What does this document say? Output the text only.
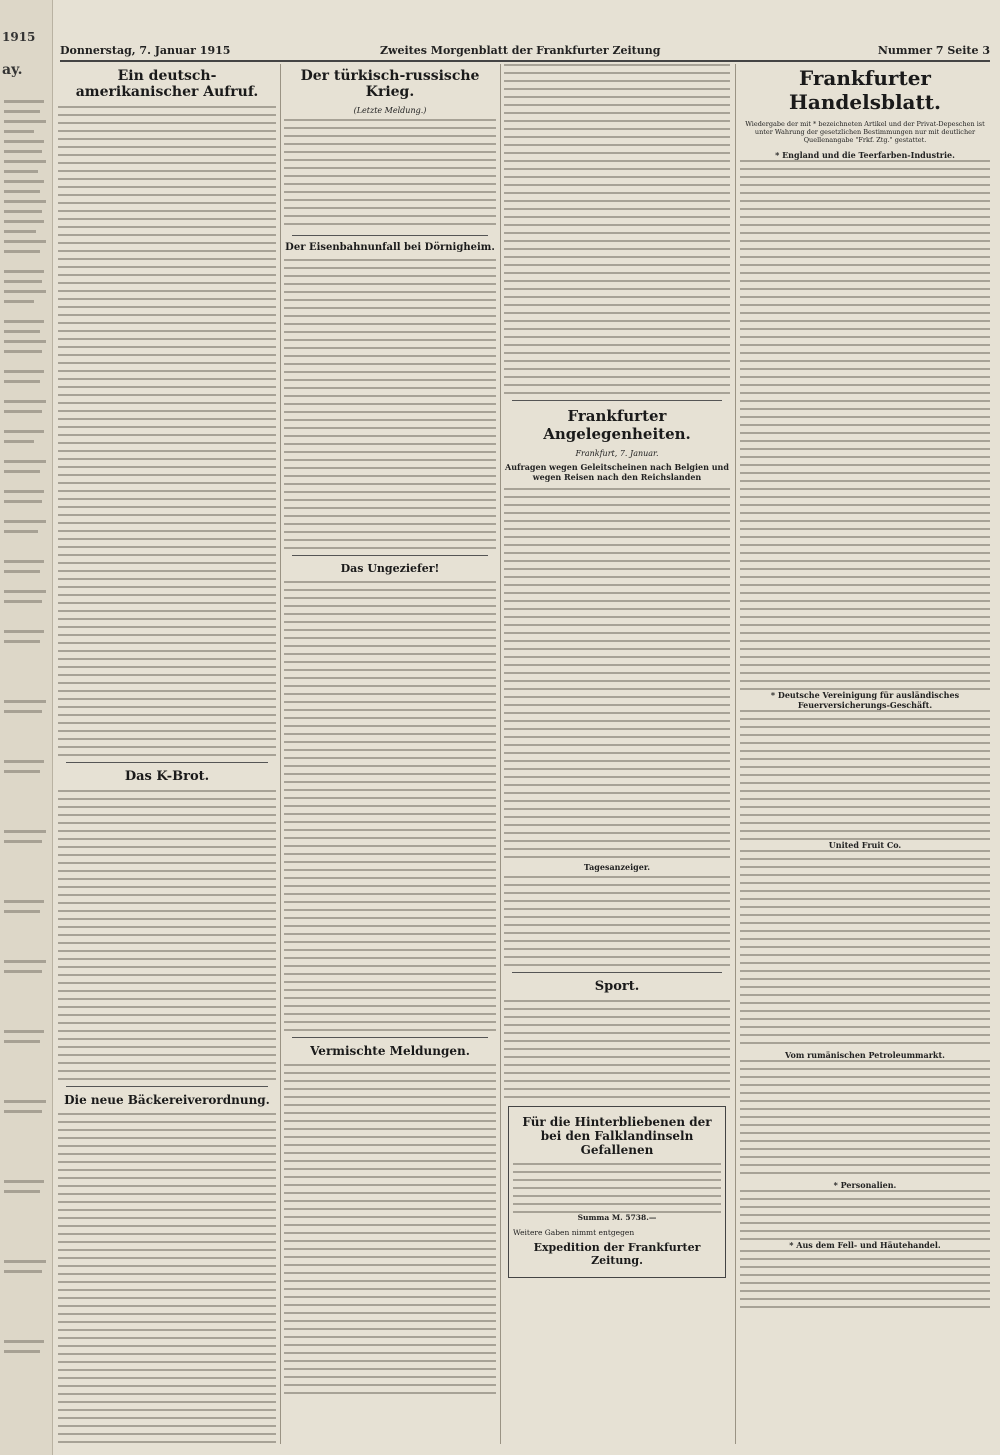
1915
ay.
Donnerstag, 7. Januar 1915	Zweites Morgenblatt der Frankfurter Zeitung	Nummer 7 Seite 3
Ein deutsch-amerikanischer Aufruf.
Das K-Brot.
Die neue Bäckereiverordnung.
Der türkisch-russische Krieg.
(Letzte Meldung.)
Der Eisenbahnunfall bei Dörnigheim.
Das Ungeziefer!
Vermischte Meldungen.
Frankfurter Angelegenheiten.
Frankfurt, 7. Januar.
Aufragen wegen Geleitscheinen nach Belgien und wegen Reisen nach den Reichslanden
Tagesanzeiger.
Sport.
Für die Hinterbliebenen der bei den Falklandinseln Gefallenen
Summa M. 5738.—
Weitere Gaben nimmt entgegen
Expedition der Frankfurter Zeitung.
Frankfurter Handelsblatt.
Wiedergabe der mit * bezeichneten Artikel und der Privat-Depeschen ist unter Wahrung der gesetzlichen Bestimmungen nur mit deutlicher Quellenangabe "Frkf. Ztg." gestattet.
* England und die Teerfarben-Industrie.
* Deutsche Vereinigung für ausländisches Feuerversicherungs-Geschäft.
United Fruit Co.
Vom rumänischen Petroleummarkt.
* Personalien.
* Aus dem Fell- und Häutehandel.
